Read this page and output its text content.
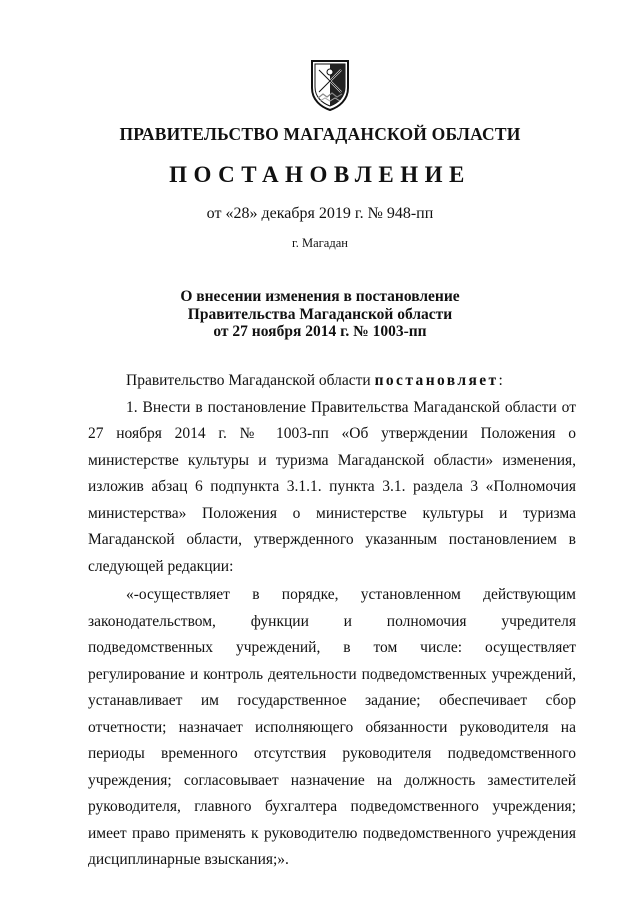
ПРАВИТЕЛЬСТВО МАГАДАНСКОЙ ОБЛАСТИ
ПОСТАНОВЛЕНИЕ
от «28» декабря 2019 г. № 948-пп
г. Магадан
О внесении изменения в постановление
Правительства Магаданской области
от 27 ноября 2014 г. № 1003-пп

Правительство Магаданской области постановляет:

1. Внести в постановление Правительства Магаданской области от 27 ноября 2014 г. № 1003-пп «Об утверждении Положения о министерстве культуры и туризма Магаданской области» изменения, изложив абзац 6 подпункта 3.1.1. пункта 3.1. раздела 3 «Полномочия министерства» Положения о министерстве культуры и туризма Магаданской области, утвержденного указанным постановлением в следующей редакции:

«-осуществляет в порядке, установленном действующим законодательством, функции и полномочия учредителя подведомственных учреждений, в том числе: осуществляет регулирование и контроль деятельности подведомственных учреждений, устанавливает им государственное задание; обеспечивает сбор отчетности; назначает исполняющего обязанности руководителя на периоды временного отсутствия руководителя подведомственного учреждения; согласовывает назначение на должность заместителей руководителя, главного бухгалтера подведомственного учреждения; имеет право применять к руководителю подведомственного учреждения дисциплинарные взыскания;».
